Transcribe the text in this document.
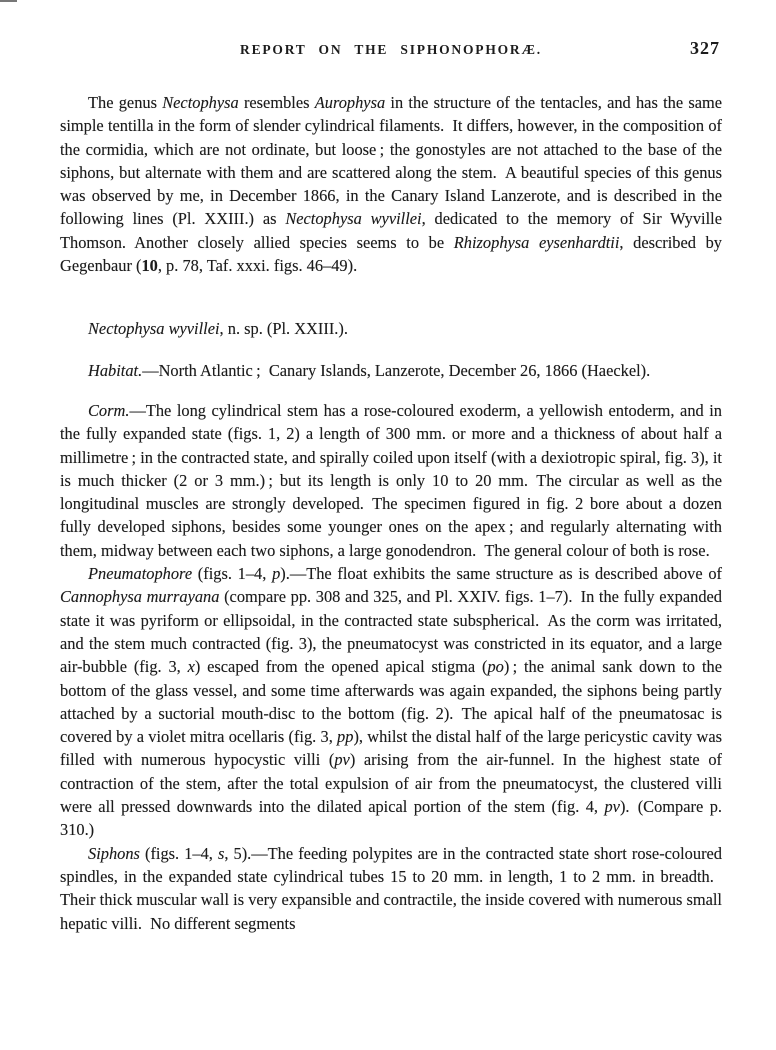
REPORT ON THE SIPHONOPHORÆ.	327

The genus Nectophysa resembles Aurophysa in the structure of the tentacles, and has the same simple tentilla in the form of slender cylindrical filaments. It differs, however, in the composition of the cormidia, which are not ordinate, but loose ; the gonostyles are not attached to the base of the siphons, but alternate with them and are scattered along the stem. A beautiful species of this genus was observed by me, in December 1866, in the Canary Island Lanzerote, and is described in the following lines (Pl. XXIII.) as Nectophysa wyvillei, dedicated to the memory of Sir Wyville Thomson. Another closely allied species seems to be Rhizophysa eysenhardtii, described by Gegenbaur (10, p. 78, Taf. xxxi. figs. 46–49).

Nectophysa wyvillei, n. sp. (Pl. XXIII.).

Habitat.—North Atlantic ; Canary Islands, Lanzerote, December 26, 1866 (Haeckel).

Corm.—The long cylindrical stem has a rose-coloured exoderm, a yellowish entoderm, and in the fully expanded state (figs. 1, 2) a length of 300 mm. or more and a thickness of about half a millimetre ; in the contracted state, and spirally coiled upon itself (with a dexiotropic spiral, fig. 3), it is much thicker (2 or 3 mm.) ; but its length is only 10 to 20 mm. The circular as well as the longitudinal muscles are strongly developed. The specimen figured in fig. 2 bore about a dozen fully developed siphons, besides some younger ones on the apex ; and regularly alternating with them, midway between each two siphons, a large gonodendron. The general colour of both is rose.

Pneumatophore (figs. 1–4, p).—The float exhibits the same structure as is described above of Cannophysa murrayana (compare pp. 308 and 325, and Pl. XXIV. figs. 1–7). In the fully expanded state it was pyriform or ellipsoidal, in the contracted state subspherical. As the corm was irritated, and the stem much contracted (fig. 3), the pneumatocyst was constricted in its equator, and a large air-bubble (fig. 3, x) escaped from the opened apical stigma (po) ; the animal sank down to the bottom of the glass vessel, and some time afterwards was again expanded, the siphons being partly attached by a suctorial mouth-disc to the bottom (fig. 2). The apical half of the pneumatosac is covered by a violet mitra ocellaris (fig. 3, pp), whilst the distal half of the large pericystic cavity was filled with numerous hypocystic villi (pv) arising from the air-funnel. In the highest state of contraction of the stem, after the total expulsion of air from the pneumatocyst, the clustered villi were all pressed downwards into the dilated apical portion of the stem (fig. 4, pv). (Compare p. 310.)

Siphons (figs. 1–4, s, 5).—The feeding polypites are in the contracted state short rose-coloured spindles, in the expanded state cylindrical tubes 15 to 20 mm. in length, 1 to 2 mm. in breadth. Their thick muscular wall is very expansible and contractile, the inside covered with numerous small hepatic villi. No different segments
